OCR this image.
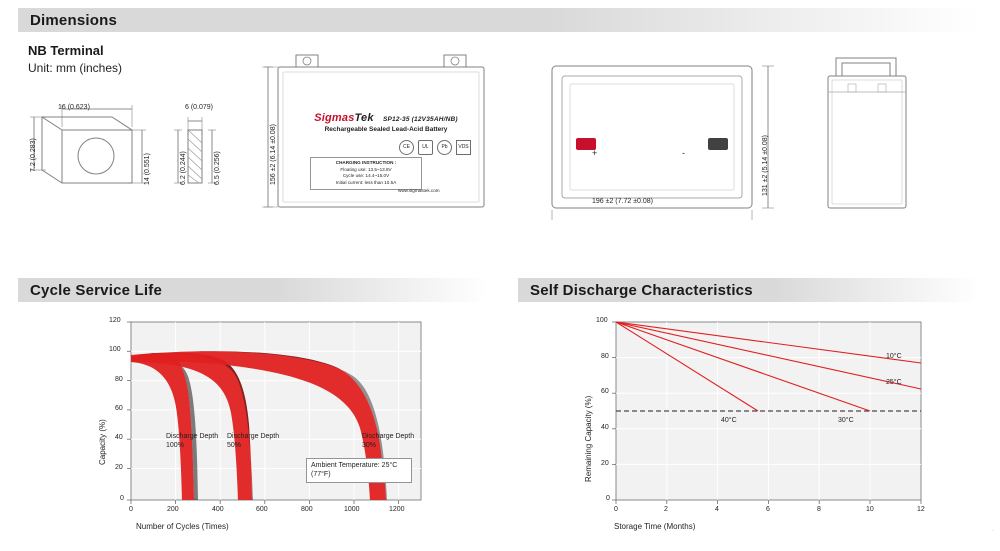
Dimensions
NB Terminal
Unit: mm (inches)
16 (0.623)
7.2 (0.283)	14 (0.551)
6 (0.079)
6.2 (0.244)	6.5 (0.256)	156 ±2 (6.14 ±0.08)
SigmasTek SP12-35 (12V35AH/NB)
Rechargeable Sealed Lead-Acid Battery
CHARGING INSTRUCTION :
Floating use: 13.5~13.8V
Cycle use: 14.4~15.0V
Initial current: less than 10.5A
www.sigmastek.com
CE	UL	Pb	VDS
+	-
196 ±2 (7.72 ±0.08)
131 ±2 (5.14 ±0.08)
.
Cycle Service Life
120
100
80
60
40
20
0
0	200	400	600	800	1000	1200
Number of Cycles (Times)
Capacity (%)	Discharge Depth 100%
Discharge Depth 50%
Discharge Depth 30%
Ambient Temperature: 25°C (77°F)
Self Discharge Characteristics
100
80
60
40
20
0
0	2	4	6	8	10	12
Storage Time (Months)
Remaining Capacity (%)
10°C
25°C
30°C
40°C
